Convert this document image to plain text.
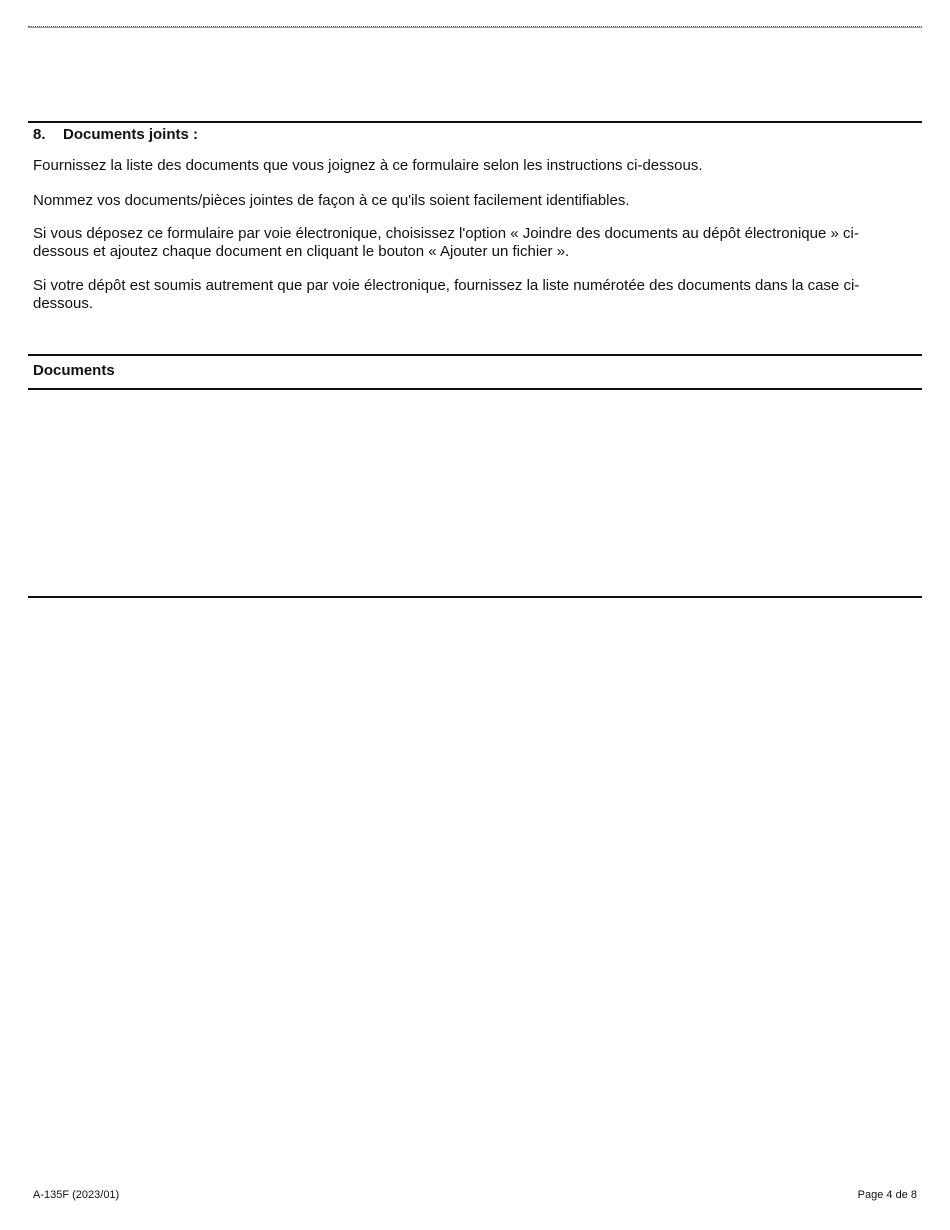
8. Documents joints :

Fournissez la liste des documents que vous joignez à ce formulaire selon les instructions ci-dessous.

Nommez vos documents/pièces jointes de façon à ce qu'ils soient facilement identifiables.

Si vous déposez ce formulaire par voie électronique, choisissez l'option « Joindre des documents au dépôt électronique » ci-dessous et ajoutez chaque document en cliquant le bouton « Ajouter un fichier ».

Si votre dépôt est soumis autrement que par voie électronique, fournissez la liste numérotée des documents dans la case ci-dessous.

Documents
A-135F (2023/01)	Page 4 de 8
